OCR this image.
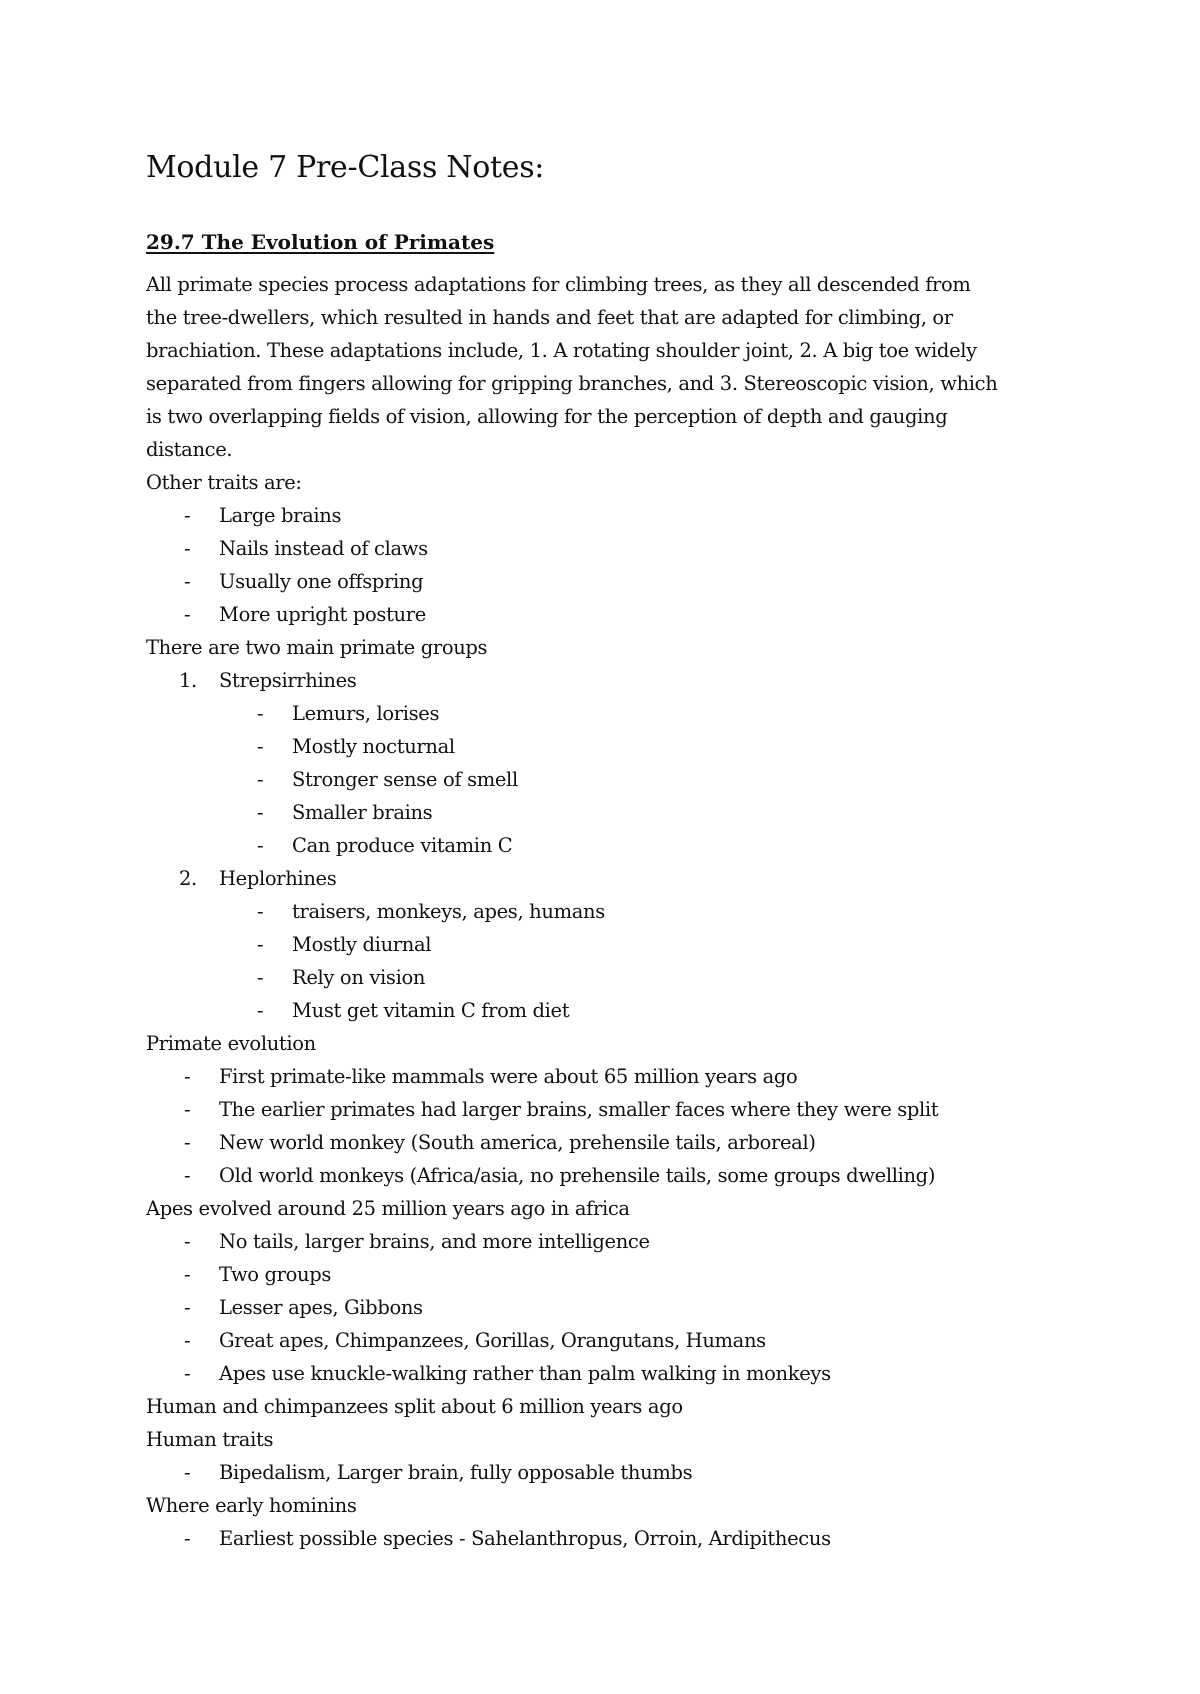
Module 7 Pre-Class Notes:
29.7 The Evolution of Primates
All primate species process adaptations for climbing trees, as they all descended from
the tree-dwellers, which resulted in hands and feet that are adapted for climbing, or
brachiation. These adaptations include, 1. A rotating shoulder joint, 2. A big toe widely
separated from fingers allowing for gripping branches, and 3. Stereoscopic vision, which
is two overlapping fields of vision, allowing for the perception of depth and gauging
distance.
Other traits are:
- Large brains
- Nails instead of claws
- Usually one offspring
- More upright posture
There are two main primate groups
1. Strepsirrhines
- Lemurs, lorises
- Mostly nocturnal
- Stronger sense of smell
- Smaller brains
- Can produce vitamin C
2. Heplorhines
- traisers, monkeys, apes, humans
- Mostly diurnal
- Rely on vision
- Must get vitamin C from diet
Primate evolution
- First primate-like mammals were about 65 million years ago
- The earlier primates had larger brains, smaller faces where they were split
- New world monkey (South america, prehensile tails, arboreal)
- Old world monkeys (Africa/asia, no prehensile tails, some groups dwelling)
Apes evolved around 25 million years ago in africa
- No tails, larger brains, and more intelligence
- Two groups
- Lesser apes, Gibbons
- Great apes, Chimpanzees, Gorillas, Orangutans, Humans
- Apes use knuckle-walking rather than palm walking in monkeys
Human and chimpanzees split about 6 million years ago
Human traits
- Bipedalism, Larger brain, fully opposable thumbs
Where early hominins
- Earliest possible species - Sahelanthropus, Orroin, Ardipithecus
